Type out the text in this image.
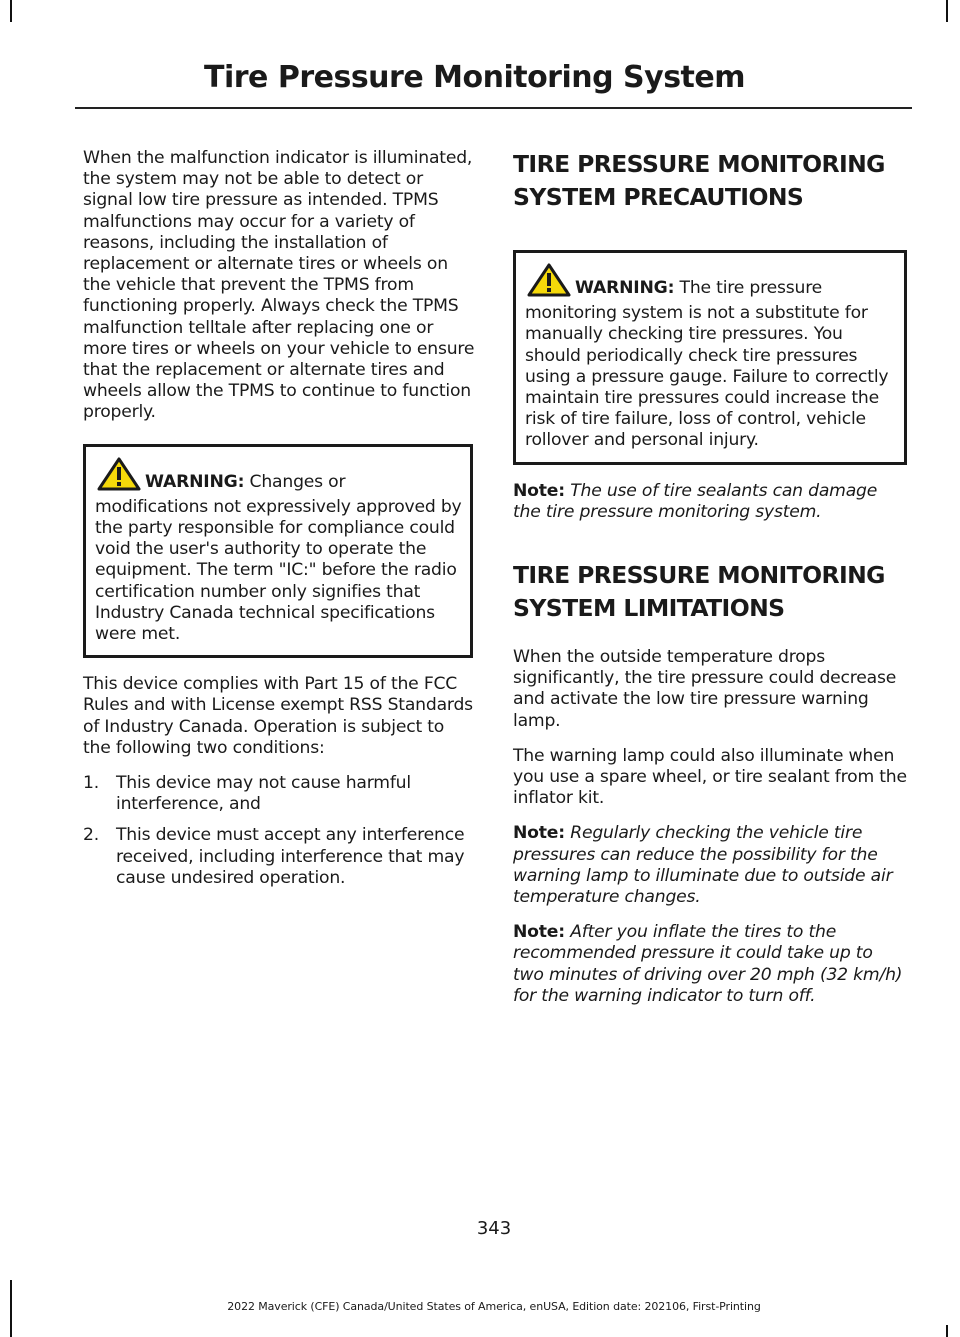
Tire Pressure Monitoring System

When the malfunction indicator is illuminated, the system may not be able to detect or signal low tire pressure as intended. TPMS malfunctions may occur for a variety of reasons, including the installation of replacement or alternate tires or wheels on the vehicle that prevent the TPMS from functioning properly. Always check the TPMS malfunction telltale after replacing one or more tires or wheels on your vehicle to ensure that the replacement or alternate tires and wheels allow the TPMS to continue to function properly.

WARNING: Changes or modifications not expressively approved by the party responsible for compliance could void the user's authority to operate the equipment. The term "IC:" before the radio certification number only signifies that Industry Canada technical specifications were met.

This device complies with Part 15 of the FCC Rules and with License exempt RSS Standards of Industry Canada. Operation is subject to the following two conditions:

1. This device may not cause harmful interference, and
2. This device must accept any interference received, including interference that may cause undesired operation.
TIRE PRESSURE MONITORING SYSTEM PRECAUTIONS

WARNING: The tire pressure monitoring system is not a substitute for manually checking tire pressures. You should periodically check tire pressures using a pressure gauge. Failure to correctly maintain tire pressures could increase the risk of tire failure, loss of control, vehicle rollover and personal injury.

Note: The use of tire sealants can damage the tire pressure monitoring system.

TIRE PRESSURE MONITORING SYSTEM LIMITATIONS

When the outside temperature drops significantly, the tire pressure could decrease and activate the low tire pressure warning lamp.

The warning lamp could also illuminate when you use a spare wheel, or tire sealant from the inflator kit.

Note: Regularly checking the vehicle tire pressures can reduce the possibility for the warning lamp to illuminate due to outside air temperature changes.

Note: After you inflate the tires to the recommended pressure it could take up to two minutes of driving over 20 mph (32 km/h) for the warning indicator to turn off.

343
2022 Maverick (CFE) Canada/United States of America, enUSA, Edition date: 202106, First-Printing
